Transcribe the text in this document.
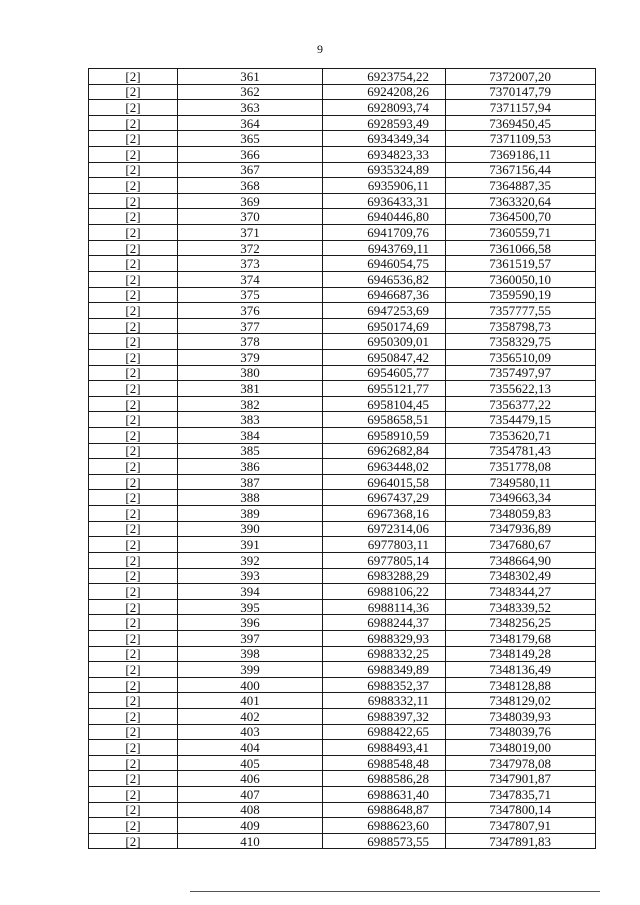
9
[2]	361	6923754,22	7372007,20
[2]	362	6924208,26	7370147,79
[2]	363	6928093,74	7371157,94
[2]	364	6928593,49	7369450,45
[2]	365	6934349,34	7371109,53
[2]	366	6934823,33	7369186,11
[2]	367	6935324,89	7367156,44
[2]	368	6935906,11	7364887,35
[2]	369	6936433,31	7363320,64
[2]	370	6940446,80	7364500,70
[2]	371	6941709,76	7360559,71
[2]	372	6943769,11	7361066,58
[2]	373	6946054,75	7361519,57
[2]	374	6946536,82	7360050,10
[2]	375	6946687,36	7359590,19
[2]	376	6947253,69	7357777,55
[2]	377	6950174,69	7358798,73
[2]	378	6950309,01	7358329,75
[2]	379	6950847,42	7356510,09
[2]	380	6954605,77	7357497,97
[2]	381	6955121,77	7355622,13
[2]	382	6958104,45	7356377,22
[2]	383	6958658,51	7354479,15
[2]	384	6958910,59	7353620,71
[2]	385	6962682,84	7354781,43
[2]	386	6963448,02	7351778,08
[2]	387	6964015,58	7349580,11
[2]	388	6967437,29	7349663,34
[2]	389	6967368,16	7348059,83
[2]	390	6972314,06	7347936,89
[2]	391	6977803,11	7347680,67
[2]	392	6977805,14	7348664,90
[2]	393	6983288,29	7348302,49
[2]	394	6988106,22	7348344,27
[2]	395	6988114,36	7348339,52
[2]	396	6988244,37	7348256,25
[2]	397	6988329,93	7348179,68
[2]	398	6988332,25	7348149,28
[2]	399	6988349,89	7348136,49
[2]	400	6988352,37	7348128,88
[2]	401	6988332,11	7348129,02
[2]	402	6988397,32	7348039,93
[2]	403	6988422,65	7348039,76
[2]	404	6988493,41	7348019,00
[2]	405	6988548,48	7347978,08
[2]	406	6988586,28	7347901,87
[2]	407	6988631,40	7347835,71
[2]	408	6988648,87	7347800,14
[2]	409	6988623,60	7347807,91
[2]	410	6988573,55	7347891,83
